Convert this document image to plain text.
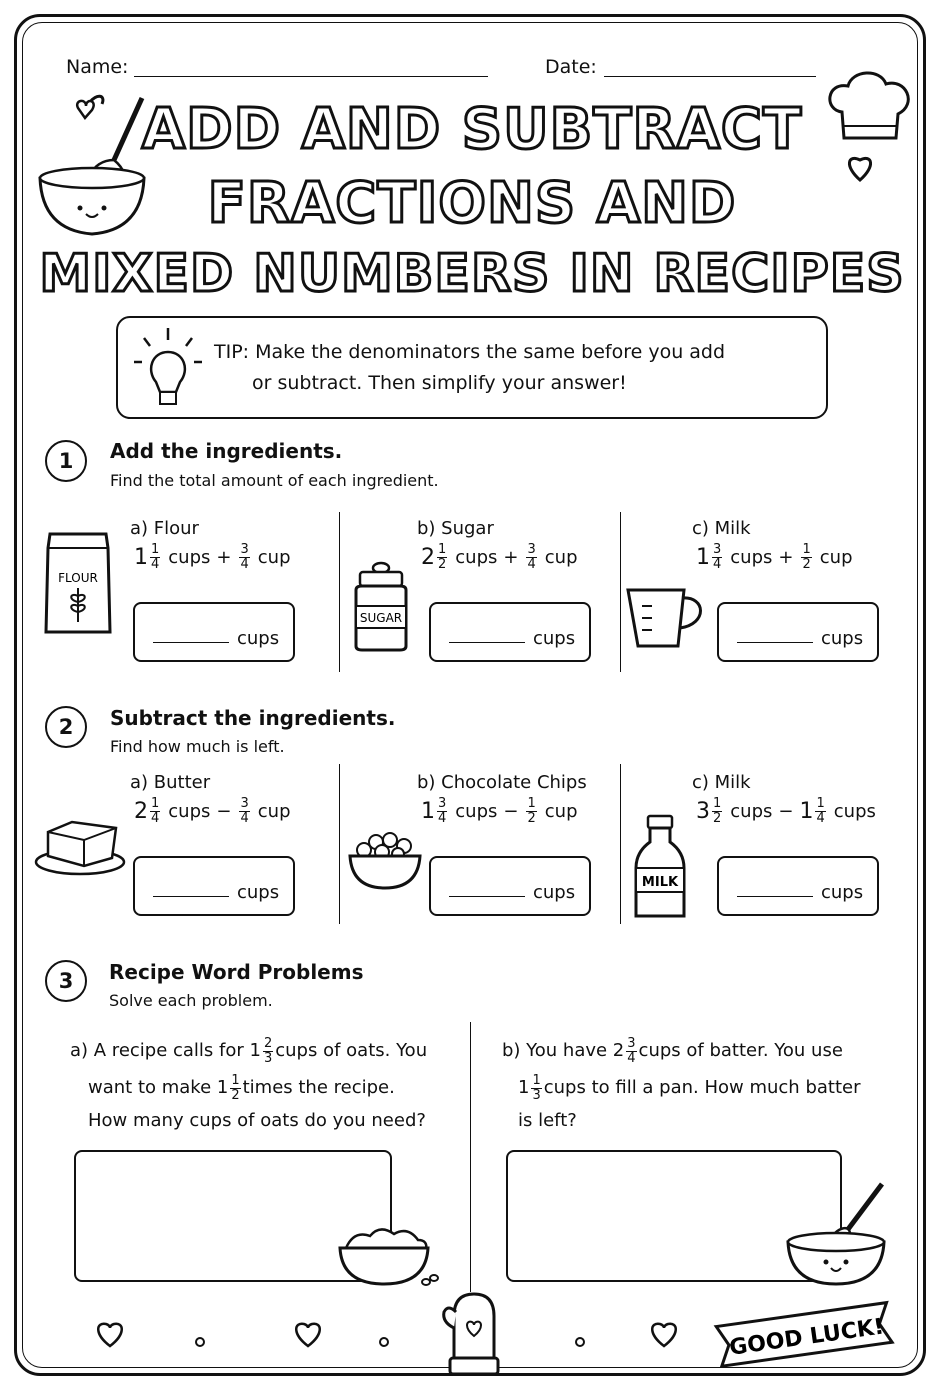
Name:	Date:
ADD AND SUBTRACT
FRACTIONS AND
MIXED NUMBERS IN RECIPES
TIP: Make the denominators the same before you add
or subtract. Then simplify your answer!
1	Add the ingredients.
Find the total amount of each ingredient.
2	Subtract the ingredients.
Find how much is left.
3	Recipe Word Problems
Solve each problem.
a) Flour
$1 \frac{1}{4}$ cups + $\frac{3}{4}$ cup
cups
FLOUR
b) Sugar
$2 \frac{1}{2}$ cups + $\frac{3}{4}$ cup
cups
SUGAR
c) Milk
$1 \frac{3}{4}$ cups + $\frac{1}{2}$ cup
cups
a) Butter
$2 \frac{1}{4}$ cups − $\frac{3}{4}$ cup
cups
b) Chocolate Chips
$1 \frac{3}{4}$ cups − $\frac{1}{2}$ cup
cups
c) Milk
$3 \frac{1}{2}$ cups − $1 \frac{1}{4}$ cups
cups
MILK
a) A recipe calls for $1 \frac{2}{3}$ cups of oats. You
want to make $1 \frac{1}{2}$ times the recipe.
How many cups of oats do you need?
b) You have $2 \frac{3}{4}$ cups of batter. You use
$1 \frac{1}{3}$ cups to fill a pan. How much batter
is left?
GOOD LUCK!
